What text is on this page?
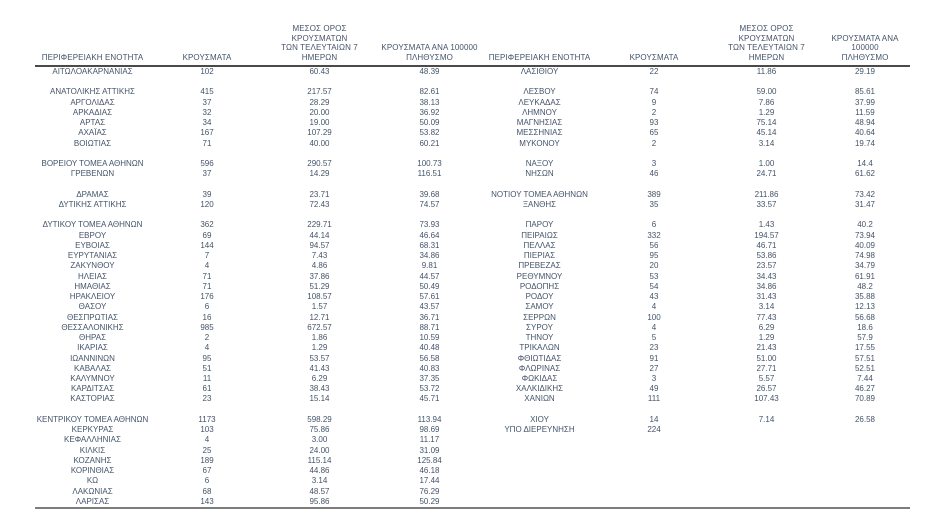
ΠΕΡΙΦΕΡΕΙΑΚΗ ΕΝΟΤΗΤΑ	ΚΡΟΥΣΜΑΤΑ	ΜΕΣΟΣ ΟΡΟΣ ΚΡΟΥΣΜΑΤΩΝ
ΤΩΝ ΤΕΛΕΥΤΑΙΩΝ 7 ΗΜΕΡΩΝ	ΚΡΟΥΣΜΑΤΑ ΑΝΑ 100000
ΠΛΗΘΥΣΜΟ	ΠΕΡΙΦΕΡΕΙΑΚΗ ΕΝΟΤΗΤΑ	ΚΡΟΥΣΜΑΤΑ	ΜΕΣΟΣ ΟΡΟΣ ΚΡΟΥΣΜΑΤΩΝ
ΤΩΝ ΤΕΛΕΥΤΑΙΩΝ 7 ΗΜΕΡΩΝ	ΚΡΟΥΣΜΑΤΑ ΑΝΑ 100000
ΠΛΗΘΥΣΜΟ
ΑΙΤΩΛΟΑΚΑΡΝΑΝΙΑΣ	102	60.43	48.39	ΛΑΣΙΘΙΟΥ	22	11.86	29.19

ΑΝΑΤΟΛΙΚΗΣ ΑΤΤΙΚΗΣ	415	217.57	82.61	ΛΕΣΒΟΥ	74	59.00	85.61
ΑΡΓΟΛΙΔΑΣ	37	28.29	38.13	ΛΕΥΚΑΔΑΣ	9	7.86	37.99
ΑΡΚΑΔΙΑΣ	32	20.00	36.92	ΛΗΜΝΟΥ	2	1.29	11.59
ΑΡΤΑΣ	34	19.00	50.09	ΜΑΓΝΗΣΙΑΣ	93	75.14	48.94
ΑΧΑΪΑΣ	167	107.29	53.82	ΜΕΣΣΗΝΙΑΣ	65	45.14	40.64
ΒΟΙΩΤΙΑΣ	71	40.00	60.21	ΜΥΚΟΝΟΥ	2	3.14	19.74

ΒΟΡΕΙΟΥ ΤΟΜΕΑ ΑΘΗΝΩΝ	596	290.57	100.73	ΝΑΞΟΥ	3	1.00	14.4
ΓΡΕΒΕΝΩΝ	37	14.29	116.51	ΝΗΣΩΝ	46	24.71	61.62

ΔΡΑΜΑΣ	39	23.71	39.68	ΝΟΤΙΟΥ ΤΟΜΕΑ ΑΘΗΝΩΝ	389	211.86	73.42
ΔΥΤΙΚΗΣ ΑΤΤΙΚΗΣ	120	72.43	74.57	ΞΑΝΘΗΣ	35	33.57	31.47

ΔΥΤΙΚΟΥ ΤΟΜΕΑ ΑΘΗΝΩΝ	362	229.71	73.93	ΠΑΡΟΥ	6	1.43	40.2
ΕΒΡΟΥ	69	44.14	46.64	ΠΕΙΡΑΙΩΣ	332	194.57	73.94
ΕΥΒΟΙΑΣ	144	94.57	68.31	ΠΕΛΛΑΣ	56	46.71	40.09
ΕΥΡΥΤΑΝΙΑΣ	7	7.43	34.86	ΠΙΕΡΙΑΣ	95	53.86	74.98
ΖΑΚΥΝΘΟΥ	4	4.86	9.81	ΠΡΕΒΕΖΑΣ	20	23.57	34.79
ΗΛΕΙΑΣ	71	37.86	44.57	ΡΕΘΥΜΝΟΥ	53	34.43	61.91
ΗΜΑΘΙΑΣ	71	51.29	50.49	ΡΟΔΟΠΗΣ	54	34.86	48.2
ΗΡΑΚΛΕΙΟΥ	176	108.57	57.61	ΡΟΔΟΥ	43	31.43	35.88
ΘΑΣΟΥ	6	1.57	43.57	ΣΑΜΟΥ	4	3.14	12.13
ΘΕΣΠΡΩΤΙΑΣ	16	12.71	36.71	ΣΕΡΡΩΝ	100	77.43	56.68
ΘΕΣΣΑΛΟΝΙΚΗΣ	985	672.57	88.71	ΣΥΡΟΥ	4	6.29	18.6
ΘΗΡΑΣ	2	1.86	10.59	ΤΗΝΟΥ	5	1.29	57.9
ΙΚΑΡΙΑΣ	4	1.29	40.48	ΤΡΙΚΑΛΩΝ	23	21.43	17.55
ΙΩΑΝΝΙΝΩΝ	95	53.57	56.58	ΦΘΙΩΤΙΔΑΣ	91	51.00	57.51
ΚΑΒΑΛΑΣ	51	41.43	40.83	ΦΛΩΡΙΝΑΣ	27	27.71	52.51
ΚΑΛΥΜΝΟΥ	11	6.29	37.35	ΦΩΚΙΔΑΣ	3	5.57	7.44
ΚΑΡΔΙΤΣΑΣ	61	38.43	53.72	ΧΑΛΚΙΔΙΚΗΣ	49	26.57	46.27
ΚΑΣΤΟΡΙΑΣ	23	15.14	45.71	ΧΑΝΙΩΝ	111	107.43	70.89

ΚΕΝΤΡΙΚΟΥ ΤΟΜΕΑ ΑΘΗΝΩΝ	1173	598.29	113.94	ΧΙΟΥ	14	7.14	26.58
ΚΕΡΚΥΡΑΣ	103	75.86	98.69	ΥΠΟ ΔΙΕΡΕΥΝΗΣΗ	224		
ΚΕΦΑΛΛΗΝΙΑΣ	4	3.00	11.17				
ΚΙΛΚΙΣ	25	24.00	31.09				
ΚΟΖΑΝΗΣ	189	115.14	125.84				
ΚΟΡΙΝΘΙΑΣ	67	44.86	46.18				
ΚΩ	6	3.14	17.44				
ΛΑΚΩΝΙΑΣ	68	48.57	76.29				
ΛΑΡΙΣΑΣ	143	95.86	50.29				
